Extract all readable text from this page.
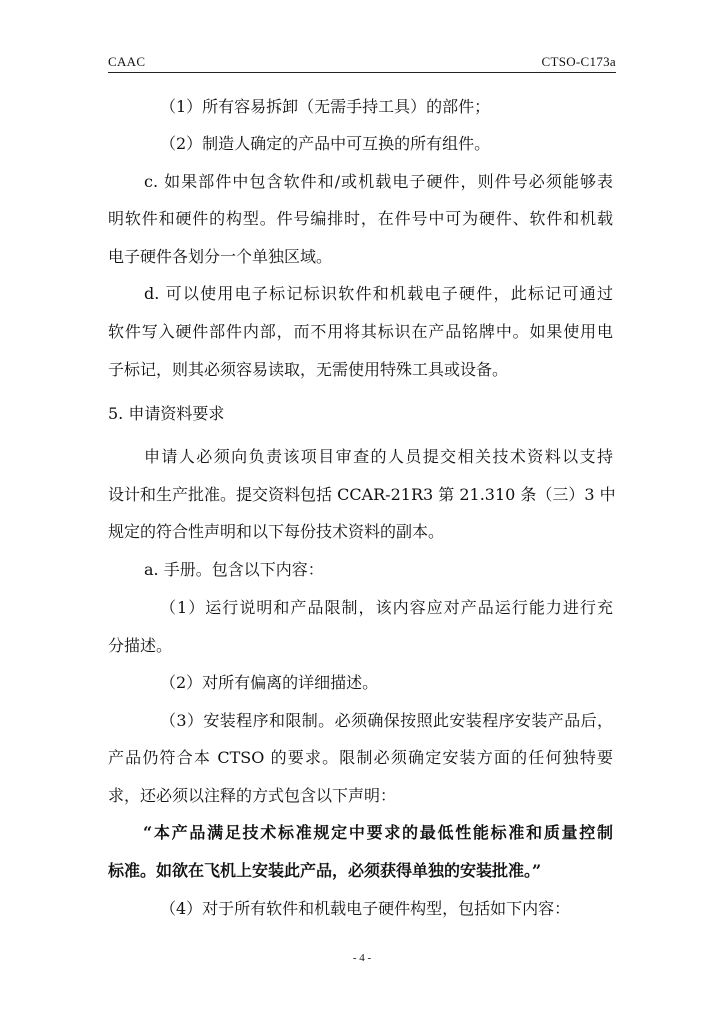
CAAC	CTSO-C173a

（1）所有容易拆卸（无需手持工具）的部件；

（2）制造人确定的产品中可互换的所有组件。

c. 如果部件中包含软件和/或机载电子硬件，则件号必须能够表

明软件和硬件的构型。件号编排时，在件号中可为硬件、软件和机载

电子硬件各划分一个单独区域。

d. 可以使用电子标记标识软件和机载电子硬件，此标记可通过

软件写入硬件部件内部，而不用将其标识在产品铭牌中。如果使用电

子标记，则其必须容易读取，无需使用特殊工具或设备。

5. 申请资料要求

申请人必须向负责该项目审查的人员提交相关技术资料以支持

设计和生产批准。提交资料包括 CCAR-21R3 第 21.310 条（三）3 中

规定的符合性声明和以下每份技术资料的副本。

a. 手册。包含以下内容：

（1）运行说明和产品限制，该内容应对产品运行能力进行充

分描述。

（2）对所有偏离的详细描述。

（3）安装程序和限制。必须确保按照此安装程序安装产品后，

产品仍符合本 CTSO 的要求。限制必须确定安装方面的任何独特要

求，还必须以注释的方式包含以下声明：

“本产品满足技术标准规定中要求的最低性能标准和质量控制

标准。如欲在飞机上安装此产品，必须获得单独的安装批准。”

（4）对于所有软件和机载电子硬件构型，包括如下内容：

- 4 -
